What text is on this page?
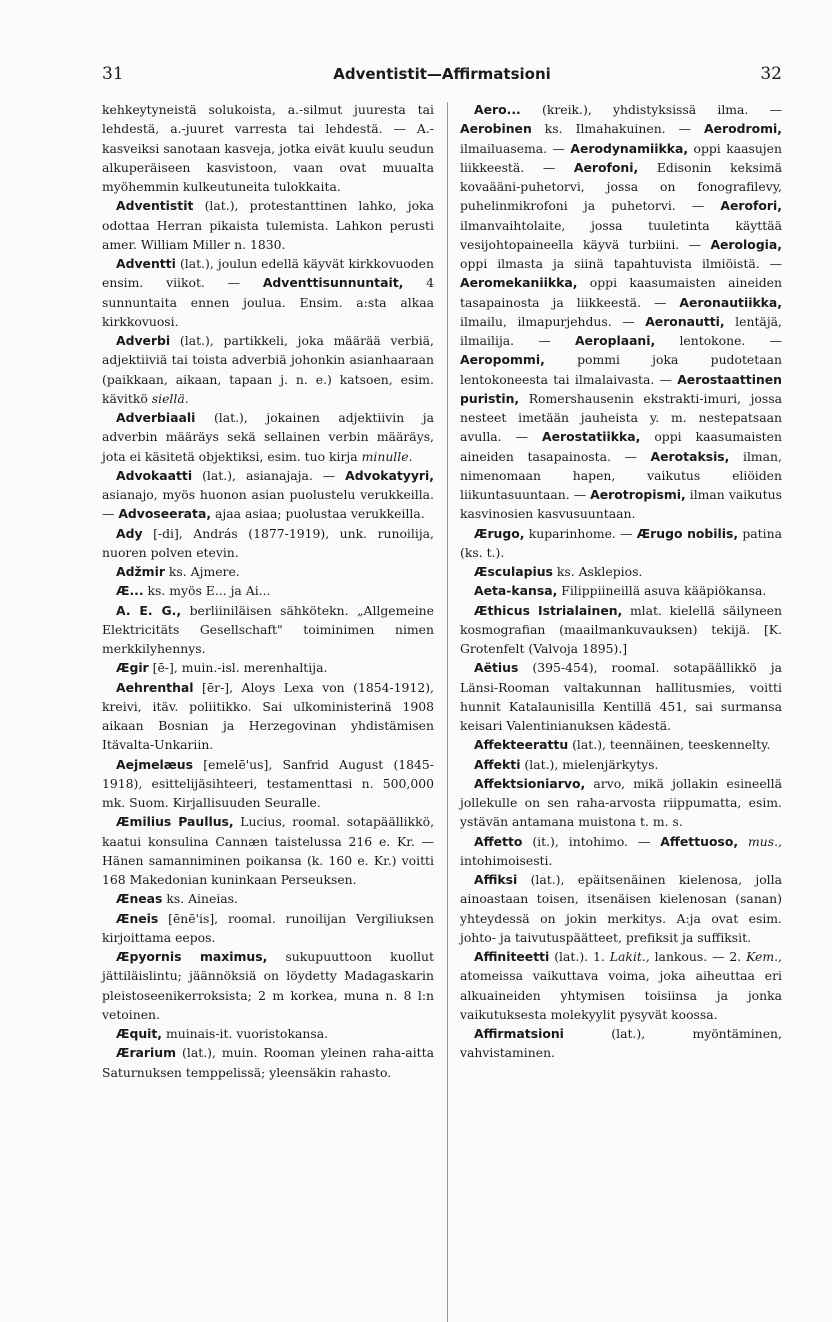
31	Adventistit—Affirmatsioni	32

kehkeytyneistä solukoista, a.-silmut juuresta tai lehdestä, a.-juuret varresta tai lehdestä. — A.-kasveiksi sanotaan kasveja, jotka eivät kuulu seudun alkuperäiseen kasvistoon, vaan ovat muualta myöhemmin kulkeutuneita tulokkaita.

Adventistit (lat.), protestanttinen lahko, joka odottaa Herran pikaista tulemista. Lahkon perusti amer. William Miller n. 1830.

Adventti (lat.), joulun edellä käyvät kirkkovuoden ensim. viikot. — Adventtisunnuntait, 4 sunnuntaita ennen joulua. Ensim. a:sta alkaa kirkkovuosi.

Adverbi (lat.), partikkeli, joka määrää verbiä, adjektiiviä tai toista adverbiä johonkin asianhaaraan (paikkaan, aikaan, tapaan j. n. e.) katsoen, esim. kävitkö siellä.

Adverbiaali (lat.), jokainen adjektiivin ja adverbin määräys sekä sellainen verbin määräys, jota ei käsitetä objektiksi, esim. tuo kirja minulle.

Advokaatti (lat.), asianajaja. — Advokatyyri, asianajo, myös huonon asian puolustelu verukkeilla. — Advoseerata, ajaa asiaa; puolustaa verukkeilla.

Ady [-di], András (1877-1919), unk. runoilija, nuoren polven etevin.

Adžmir ks. Ajmere.

Æ... ks. myös E... ja Ai...

A. E. G., berliiniläisen sähkötekn. „Allgemeine Elektricitäts Gesellschaft" toiminimen nimen merkkilyhennys.

Ægir [ē-], muin.-isl. merenhaltija.

Aehrenthal [ēr-], Aloys Lexa von (1854-1912), kreivi, itäv. poliitikko. Sai ulkoministerinä 1908 aikaan Bosnian ja Herzegovinan yhdistämisen Itävalta-Unkariin.

Aejmelæus [emelē'us], Sanfrid August (1845-1918), esittelijäsihteeri, testamenttasi n. 500,000 mk. Suom. Kirjallisuuden Seuralle.

Æmilius Paullus, Lucius, roomal. sotapäällikkö, kaatui konsulina Cannæn taistelussa 216 e. Kr. — Hänen samanniminen poikansa (k. 160 e. Kr.) voitti 168 Makedonian kuninkaan Perseuksen.

Æneas ks. Aineias.

Æneis [ēnē'is], roomal. runoilijan Vergiliuksen kirjoittama eepos.

Æpyornis maximus, sukupuuttoon kuollut jättiläislintu; jäännöksiä on löydetty Madagaskarin pleistoseenikerroksista; 2 m korkea, muna n. 8 l:n vetoinen.

Æquit, muinais-it. vuoristokansa.

Ærarium (lat.), muin. Rooman yleinen raha-aitta Saturnuksen temppelissä; yleensäkin rahasto.

Aero... (kreik.), yhdistyksissä ilma. — Aerobinen ks. Ilmahakuinen. — Aerodromi, ilmailuasema. — Aerodynamiikka, oppi kaasujen liikkeestä. — Aerofoni, Edisonin keksimä kovaääni-puhetorvi, jossa on fonografilevy, puhelinmikrofoni ja puhetorvi. — Aerofori, ilmanvaihtolaite, jossa tuuletinta käyttää vesijohtopaineella käyvä turbiini. — Aerologia, oppi ilmasta ja siinä tapahtuvista ilmiöistä. — Aeromekaniikka, oppi kaasumaisten aineiden tasapainosta ja liikkeestä. — Aeronautiikka, ilmailu, ilmapurjehdus. — Aeronautti, lentäjä, ilmailija. — Aeroplaani, lentokone. — Aeropommi,	pommi joka pudotetaan lentokoneesta tai ilmalaivasta. — Aerostaattinen puristin, Romershausenin ekstrakti-imuri, jossa nesteet imetään jauheista y. m. nestepatsaan avulla. — Aerostatiikka, oppi kaasumaisten aineiden tasapainosta. — Aerotaksis, ilman, nimenomaan hapen, vaikutus eliöiden liikuntasuuntaan. — Aerotropismi, ilman vaikutus kasvinosien kasvusuuntaan.

Ærugo, kuparinhome. — Ærugo nobilis, patina (ks. t.).

Æsculapius ks. Asklepios.

Aeta-kansa, Filippiineillä asuva kääpiökansa.

Æthicus Istrialainen, mlat. kielellä säilyneen kosmografian (maailmankuvauksen) tekijä. [K. Grotenfelt (Valvoja 1895).]

Aëtius (395-454), roomal. sotapäällikkö ja Länsi-Rooman valtakunnan hallitusmies, voitti hunnit Katalaunisilla Kentillä 451, sai surmansa keisari Valentinianuksen kädestä.

Affekteerattu (lat.), teennäinen, teeskennelty.

Affekti (lat.), mielenjärkytys.

Affektsioniarvo, arvo, mikä jollakin esineellä jollekulle on sen raha-arvosta riippumatta, esim. ystävän antamana muistona t. m. s.

Affetto (it.), intohimo. — Affettuoso, mus., intohimoisesti.

Affiksi (lat.), epäitsenäinen kielenosa, jolla ainoastaan toisen, itsenäisen kielenosan (sanan) yhteydessä on jokin merkitys. A:ja ovat esim. johto- ja taivutuspäätteet, prefiksit ja suffiksit.

Affiniteetti (lat.). 1. Lakit., lankous. — 2. Kem., atomeissa vaikuttava voima, joka aiheuttaa eri alkuaineiden yhtymisen toisiinsa ja jonka vaikutuksesta molekyylit pysyvät koossa.

Affirmatsioni	(lat.), myöntäminen, vahvistaminen.
